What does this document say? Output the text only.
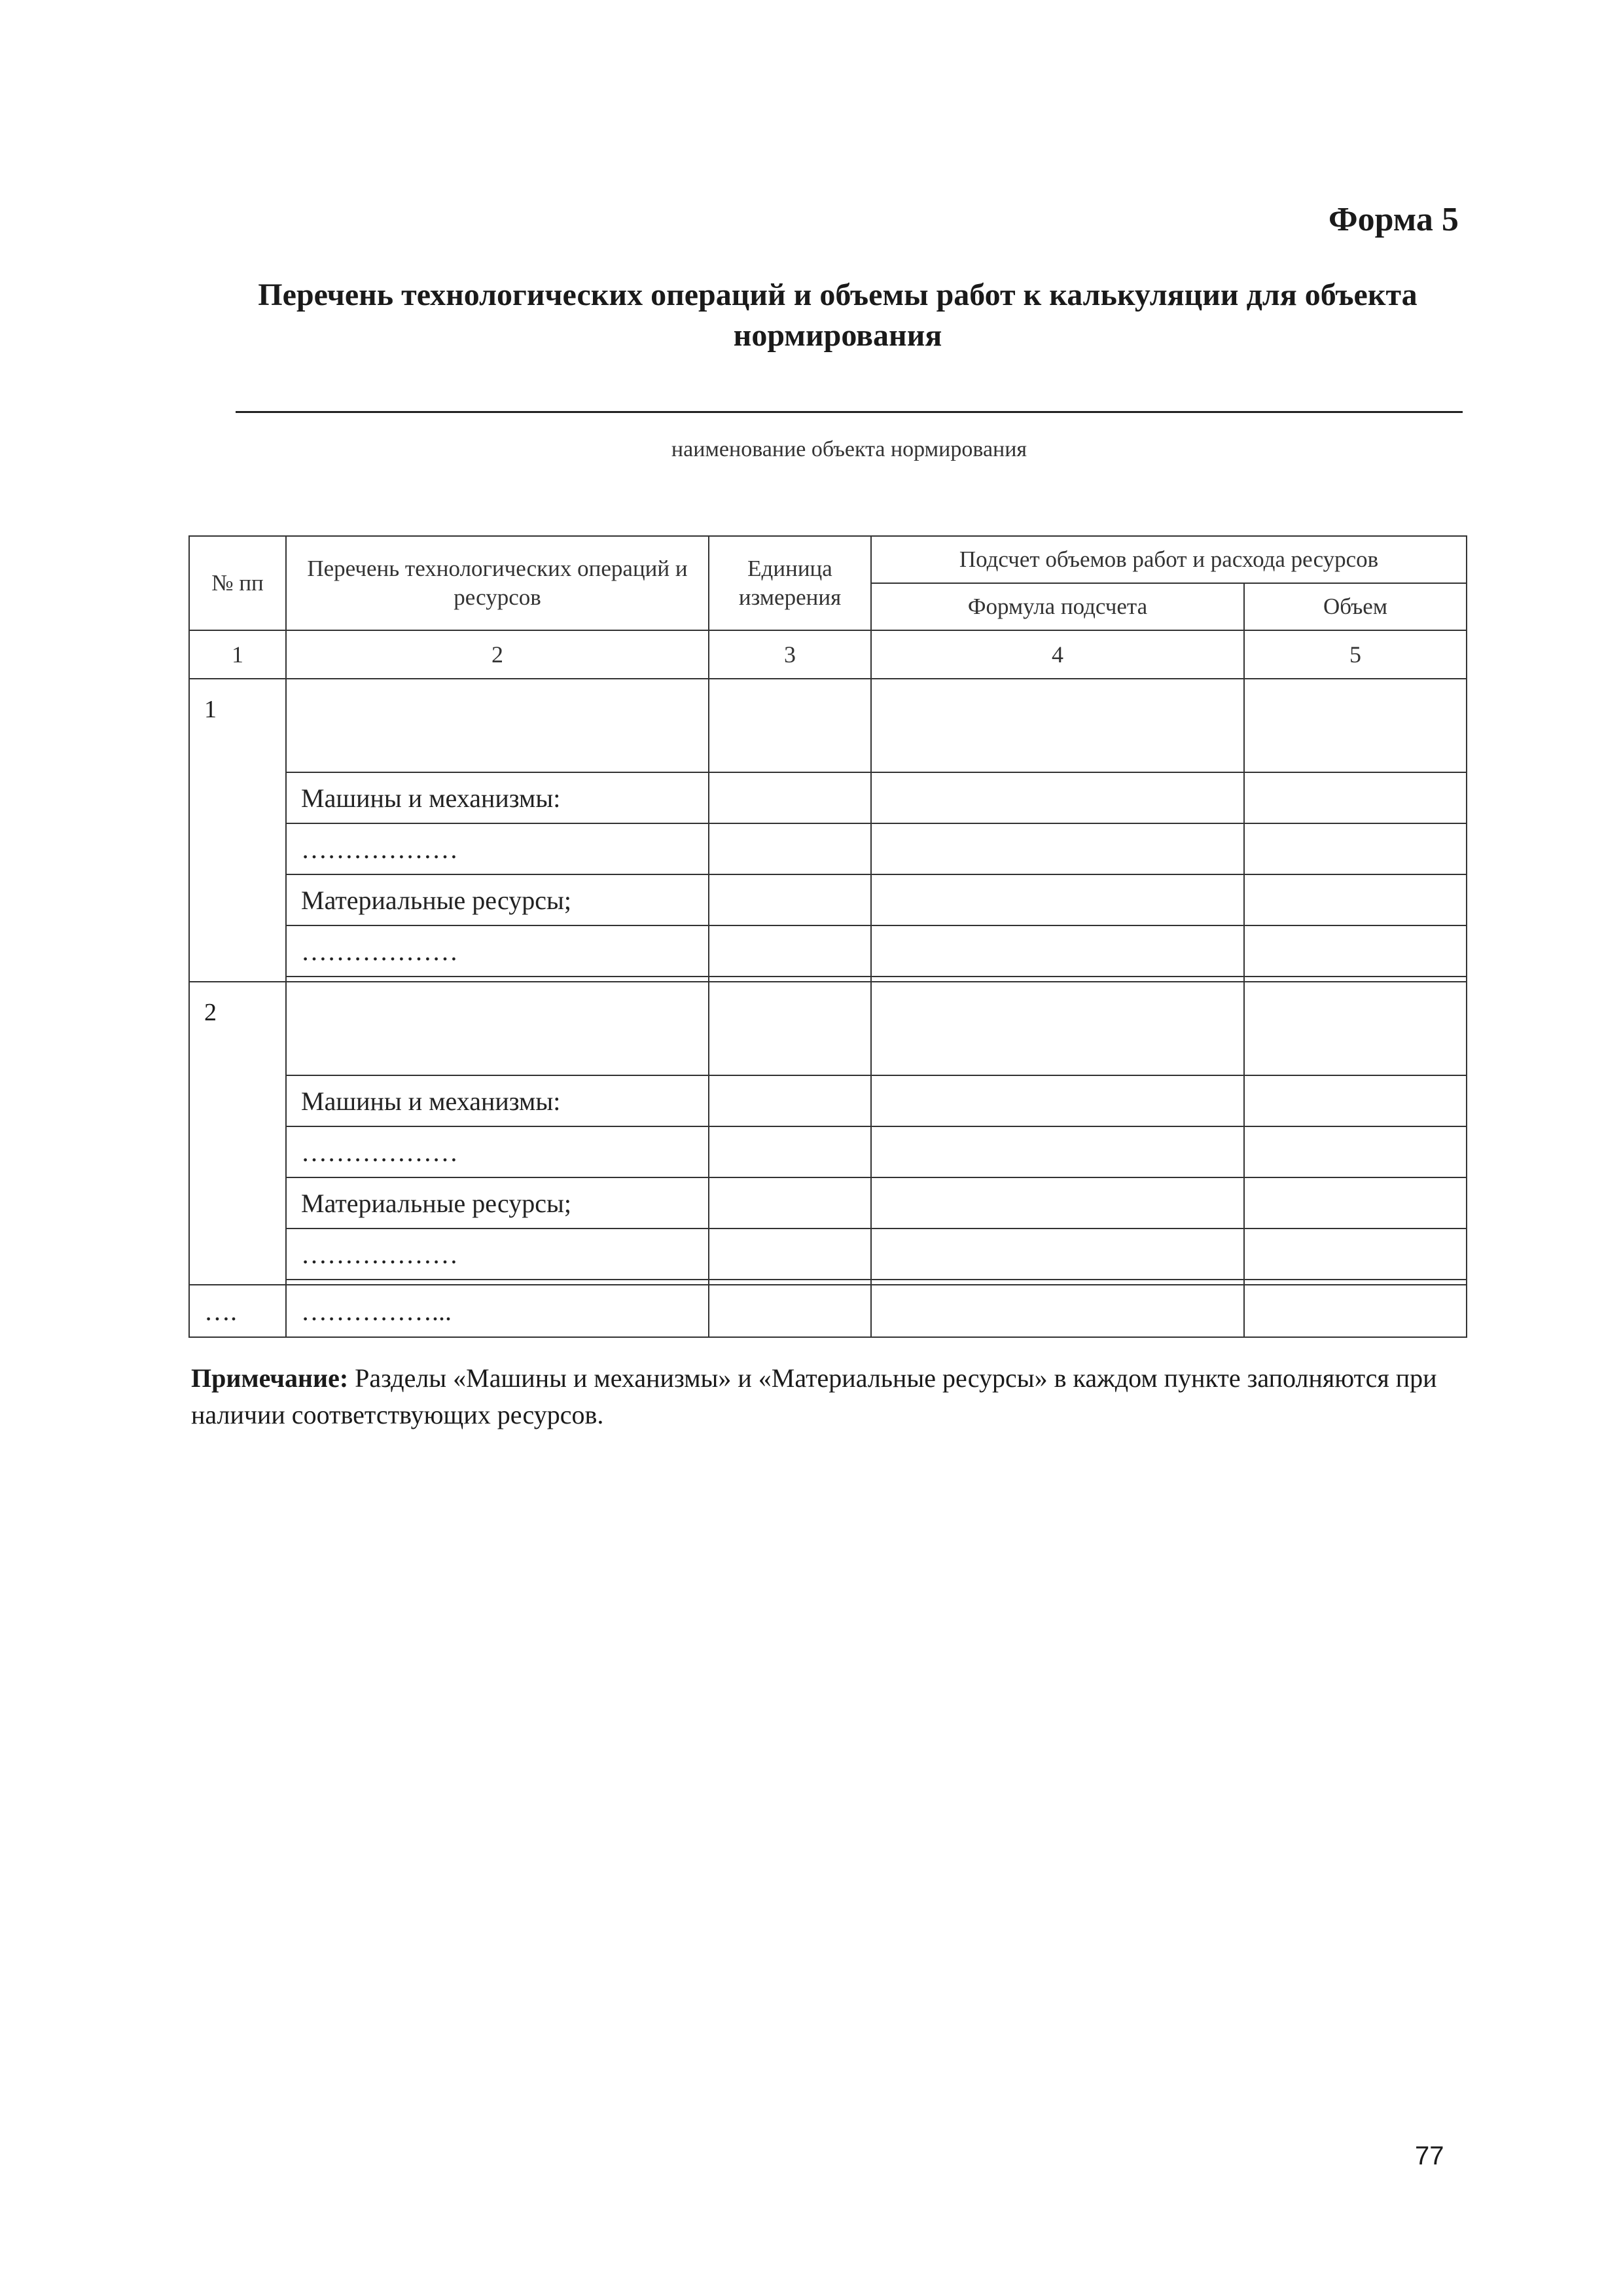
Форма 5
Перечень технологических операций и объемы работ к калькуляции для объекта нормирования
наименование объекта нормирования
№ пп	Перечень технологических операций и ресурсов	Единица измерения	Подсчет объемов работ и расхода ресурсов	
			Формула подсчета	Объем
1	2	3	4	5
1				
	Машины и механизмы:			
	………………			
	Материальные ресурсы;			
	………………			

2				
	Машины и механизмы:			
	………………			
	Материальные ресурсы;			
	………………			

….	……………...			
Примечание: Разделы «Машины и механизмы» и «Материальные ресурсы» в каждом пункте заполняются при наличии соответствующих ресурсов.
77
